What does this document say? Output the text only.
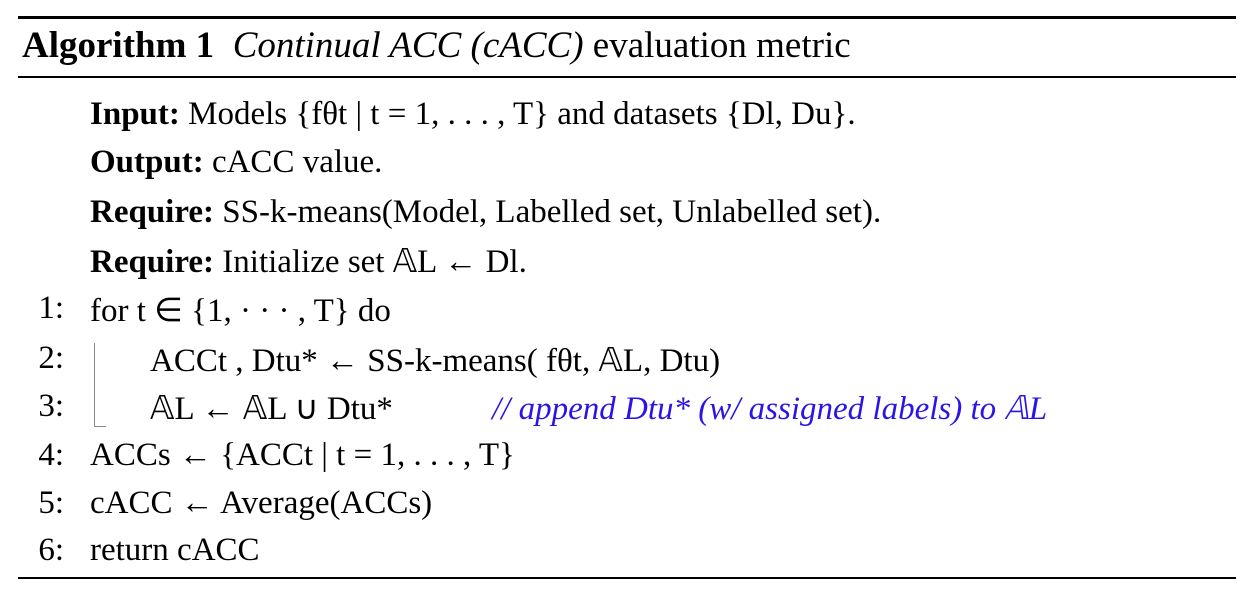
Algorithm 1 Continual ACC (cACC) evaluation metric
Input: Models {fθt | t = 1, . . . , T} and datasets {Dl, Du}.
Output: cACC value.
Require: SS-k-means(Model, Labelled set, Unlabelled set).
Require: Initialize set 𝔸L ← Dl.
1: for t ∈ {1, · · · , T} do
2:	ACCt , Dtu* ← SS-k-means( fθt, 𝔸L, Dtu)
3:	𝔸L ← 𝔸L ∪ Dtu*	// append Dtu* (w/ assigned labels) to 𝔸L
4: ACCs ← {ACCt | t = 1, . . . , T}
5: cACC ← Average(ACCs)
6: return cACC
